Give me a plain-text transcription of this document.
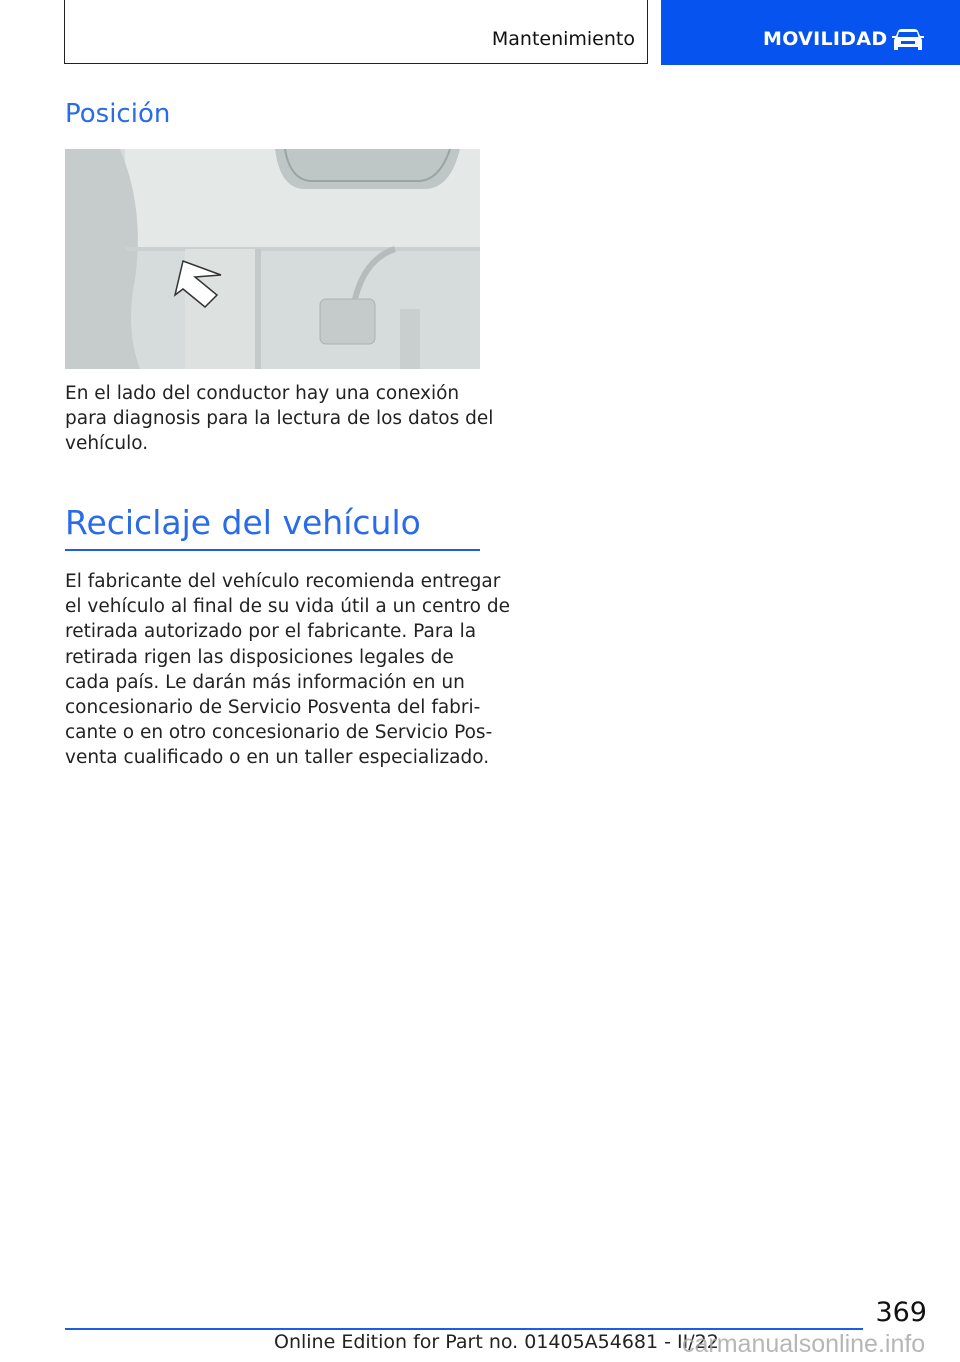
Mantenimiento	MOVILIDAD
Posición
En el lado del conductor hay una conexión
para diagnosis para la lectura de los datos del
vehículo.
Reciclaje del vehículo
El fabricante del vehículo recomienda entregar
el vehículo al final de su vida útil a un centro de
retirada autorizado por el fabricante. Para la
retirada rigen las disposiciones legales de
cada país. Le darán más información en un
concesionario de Servicio Posventa del fabri-
cante o en otro concesionario de Servicio Pos-
venta cualificado o en un taller especializado.
369
Online Edition for Part no. 01405A54681 - II/22
carmanualsonline.info
